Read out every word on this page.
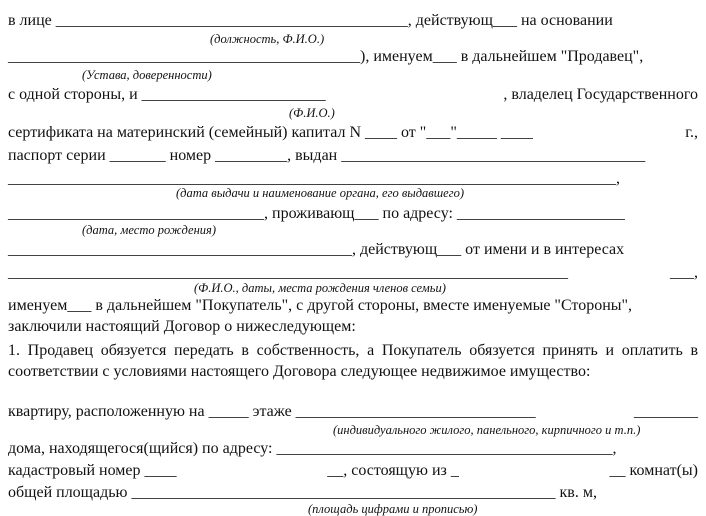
в лице ____________________________________________, действующ___ на основании
(должность, Ф.И.О.)
____________________________________________), именуем___ в дальнейшем "Продавец",
(Устава, доверенности)
с одной стороны, и _______________________	, владелец Государственного
(Ф.И.О.)
сертификата на материнский (семейный) капитал N ____ от "___"_____ ____	г.,
паспорт серии _______ номер _________, выдан ______________________________________
____________________________________________________________________________,
(дата выдачи и наименование органа, его выдавшего)
________________________________, проживающ___ по адресу: _____________________
(дата, место рождения)
___________________________________________, действующ___ от имени и в интересах
______________________________________________________________________	___,
(Ф.И.О., даты, места рождения членов семьи)
именуем___ в дальнейшем "Покупатель", с другой стороны, вместе именуемые "Стороны",
заключили настоящий Договор о нижеследующем:
1. Продавец обязуется передать в собственность, а Покупатель обязуется принять и оплатить в соответствии с условиями настоящего Договора следующее недвижимое имущество:
квартиру, расположенную на _____ этаже ______________________________	________
(индивидуального жилого, панельного, кирпичного и т.п.)
дома, находящегося(щийся) по адресу: __________________________________________,
кадастровый номер ____	__, состоящую из _	__ комнат(ы)
общей площадью _____________________________________________________ кв. м,
(площадь цифрами и прописью)
